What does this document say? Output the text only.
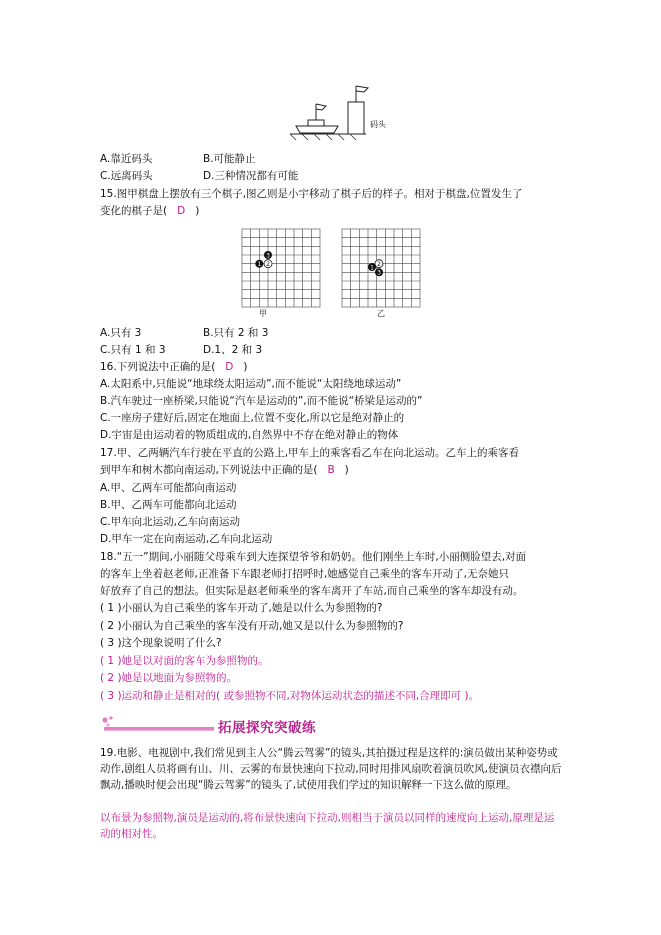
码头
A.靠近码头	B.可能静止
C.远离码头	D.三种情况都有可能
15.图甲棋盘上摆放有三个棋子,图乙则是小宇移动了棋子后的样子。相对于棋盘,位置发生了
变化的棋子是( D )
3
1 2
甲
2
1
3
乙
A.只有 3	B.只有 2 和 3
C.只有 1 和 3	D.1、2 和 3
16.下列说法中正确的是( D )
A.太阳系中,只能说“地球绕太阳运动”,而不能说“太阳绕地球运动”
B.汽车驶过一座桥梁,只能说“汽车是运动的”,而不能说“桥梁是运动的”
C.一座房子建好后,固定在地面上,位置不变化,所以它是绝对静止的
D.宇宙是由运动着的物质组成的,自然界中不存在绝对静止的物体
17.甲、乙两辆汽车行驶在平直的公路上,甲车上的乘客看乙车在向北运动。乙车上的乘客看
到甲车和树木都向南运动,下列说法中正确的是( B )
A.甲、乙两车可能都向南运动
B.甲、乙两车可能都向北运动
C.甲车向北运动,乙车向南运动
D.甲车一定在向南运动,乙车向北运动
18.“五一”期间,小丽随父母乘车到大连探望爷爷和奶奶。他们刚坐上车时,小丽侧脸望去,对面
的客车上坐着赵老师,正准备下车跟老师打招呼时,她感觉自己乘坐的客车开动了,无奈她只
好放弃了自己的想法。但实际是赵老师乘坐的客车离开了车站,而自己乘坐的客车却没有动。
( 1 )小丽认为自己乘坐的客车开动了,她是以什么为参照物的?
( 2 )小丽认为自己乘坐的客车没有开动,她又是以什么为参照物的?
( 3 )这个现象说明了什么?
( 1 )她是以对面的客车为参照物的。
( 2 )她是以地面为参照物的。
( 3 )运动和静止是相对的( 或参照物不同,对物体运动状态的描述不同,合理即可 )。
拓展探究突破练
19.电影、电视剧中,我们常见到主人公“腾云驾雾”的镜头,其拍摄过程是这样的:演员做出某种姿势或动作,剧组人员将画有山、川、云雾的布景快速向下拉动,同时用排风扇吹着演员吹风,使演员衣襟向后飘动,播映时便会出现“腾云驾雾”的镜头了,试使用我们学过的知识解释一下这么做的原理。
以布景为参照物,演员是运动的,将布景快速向下拉动,则相当于演员以同样的速度向上运动,原理是运动的相对性。
